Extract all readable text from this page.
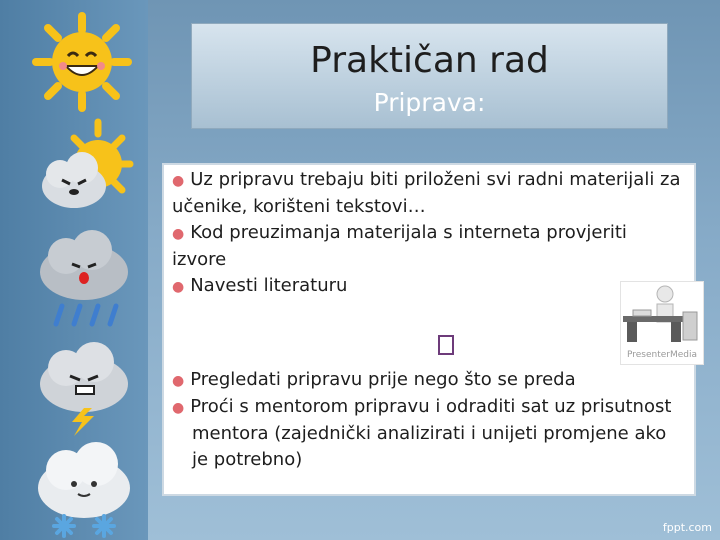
Praktičan rad
Priprava:
● Uz pripravu trebaju biti priloženi svi radni materijali za učenike, korišteni tekstovi…
● Kod preuzimanja materijala s interneta provjeriti izvore
● Navesti literaturu
● Pregledati pripravu prije nego što se preda
● Proći s mentorom pripravu i odraditi sat uz prisutnost mentora (zajednički analizirati i unijeti promjene ako je potrebno)
PresenterMedia
fppt.com
